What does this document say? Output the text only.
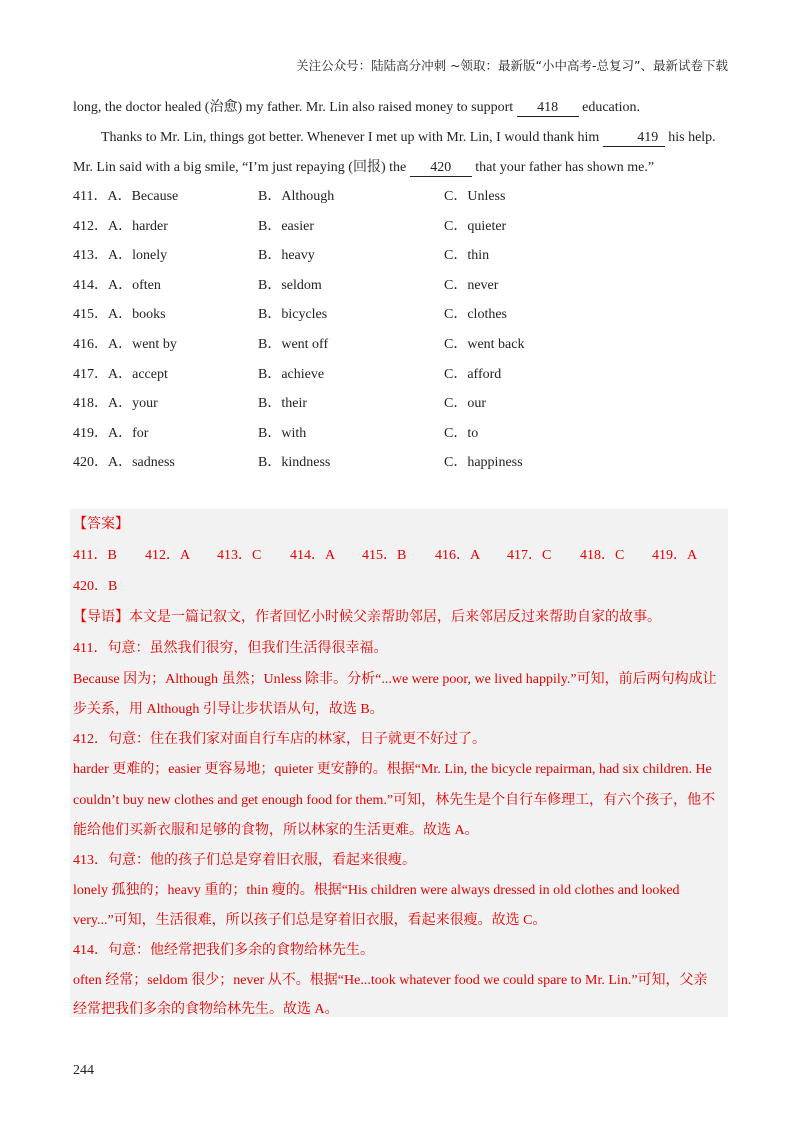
关注公众号：陆陆高分冲刺 ~领取：最新版“小中高考-总复习”、最新试卷下载

long, the doctor healed (治愈) my father. Mr. Lin also raised money to support 418 education.

Thanks to Mr. Lin, things got better. Whenever I met up with Mr. Lin, I would thank him 419 his help.

Mr. Lin said with a big smile, “I’m just repaying (回报) the 420 that your father has shown me.”

411．A．Because	B．Although	C．Unless
412．A．harder	B．easier	C．quieter
413．A．lonely	B．heavy	C．thin
414．A．often	B．seldom	C．never
415．A．books	B．bicycles	C．clothes
416．A．went by	B．went off	C．went back
417．A．accept	B．achieve	C．afford
418．A．your	B．their	C．our
419．A．for	B．with	C．to
420．A．sadness	B．kindness	C．happiness
【答案】
411．B 412．A 413．C 414．A 415．B 416．A 417．C 418．C 419．A
420．B
【导语】本文是一篇记叙文，作者回忆小时候父亲帮助邻居，后来邻居反过来帮助自家的故事。
411．句意：虽然我们很穷，但我们生活得很幸福。
Because 因为；Although 虽然；Unless 除非。分析“...we were poor, we lived happily.”可知，前后两句构成让
步关系，用 Although 引导让步状语从句，故选 B。
412．句意：住在我们家对面自行车店的林家，日子就更不好过了。
harder 更难的；easier 更容易地；quieter 更安静的。根据“Mr. Lin, the bicycle repairman, had six children. He
couldn’t buy new clothes and get enough food for them.”可知，林先生是个自行车修理工，有六个孩子，他不
能给他们买新衣服和足够的食物，所以林家的生活更难。故选 A。
413．句意：他的孩子们总是穿着旧衣服，看起来很瘦。
lonely 孤独的；heavy 重的；thin 瘦的。根据“His children were always dressed in old clothes and looked
very...”可知，生活很难，所以孩子们总是穿着旧衣服，看起来很瘦。故选 C。
414．句意：他经常把我们多余的食物给林先生。
often 经常；seldom 很少；never 从不。根据“He...took whatever food we could spare to Mr. Lin.”可知，父亲
经常把我们多余的食物给林先生。故选 A。
244
